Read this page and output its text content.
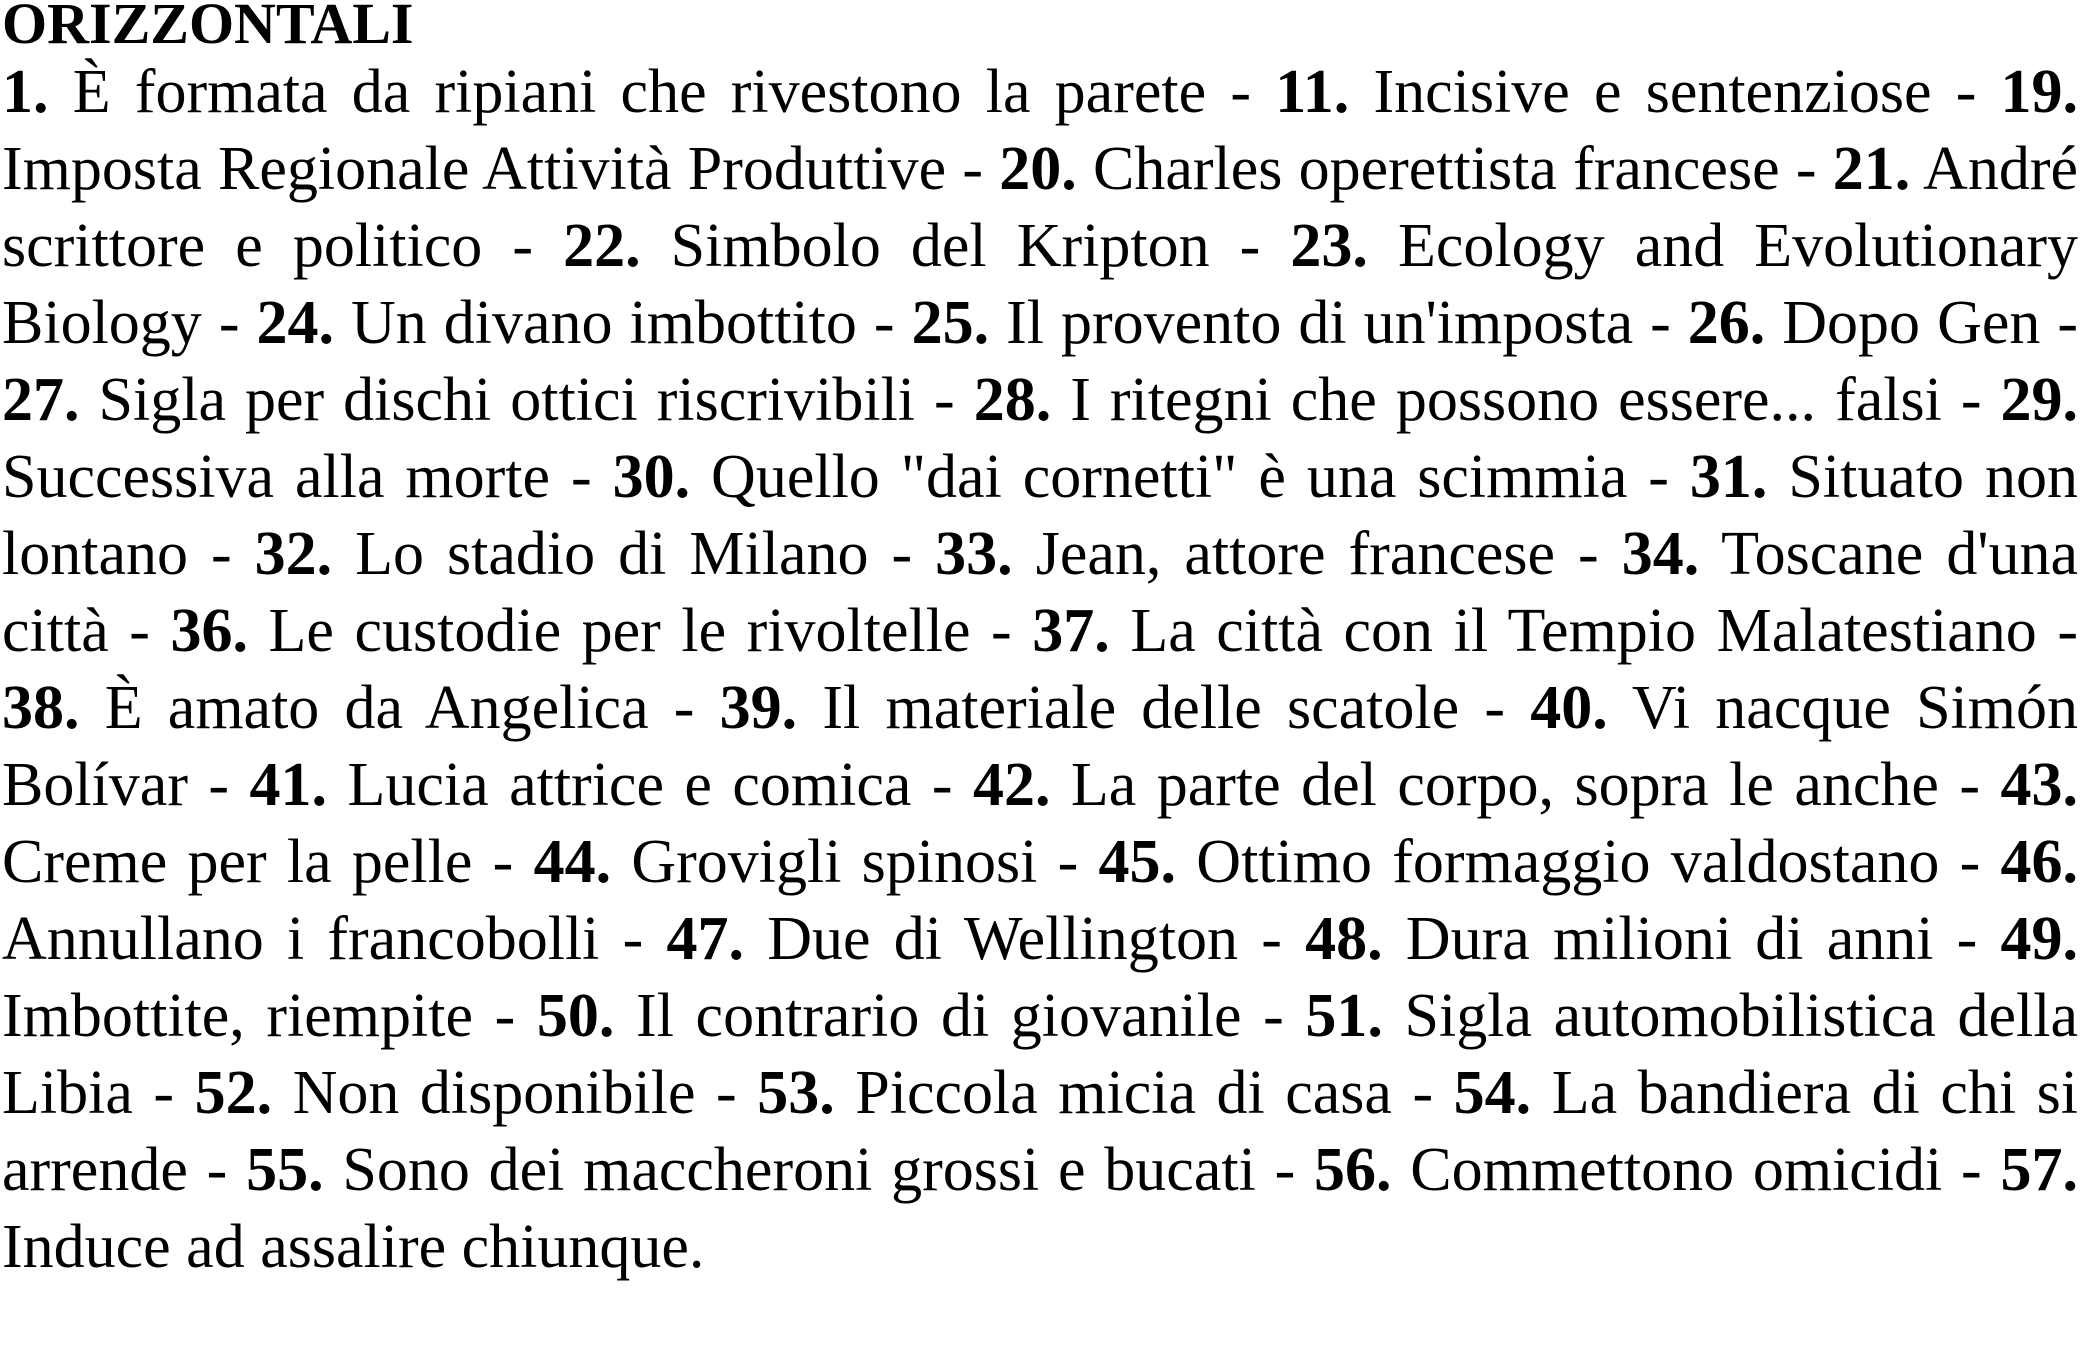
ORIZZONTALI

1. È formata da ripiani che rivestono la parete - 11. Incisive e sentenziose - 19. Imposta Regionale Attività Produttive - 20. Charles operettista francese - 21. André scrittore e politico - 22. Simbolo del Kripton - 23. Ecology and Evolutionary Biology - 24. Un divano imbottito - 25. Il provento di un'imposta - 26. Dopo Gen - 27. Sigla per dischi ottici riscrivibili - 28. I ritegni che possono essere... falsi - 29. Successiva alla morte - 30. Quello "dai cornetti" è una scimmia - 31. Situato non lontano - 32. Lo stadio di Milano - 33. Jean, attore francese - 34. Toscane d'una città - 36. Le custodie per le rivoltelle - 37. La città con il Tempio Malatestiano - 38. È amato da Angelica - 39. Il materiale delle scatole - 40. Vi nacque Simón Bolívar - 41. Lucia attrice e comica - 42. La parte del corpo, sopra le anche - 43. Creme per la pelle - 44. Grovigli spinosi - 45. Ottimo formaggio valdostano - 46. Annullano i francobolli - 47. Due di Wellington - 48. Dura milioni di anni - 49. Imbottite, riempite - 50. Il contrario di giovanile - 51. Sigla automobilistica della Libia - 52. Non disponibile - 53. Piccola micia di casa - 54. La bandiera di chi si arrende - 55. Sono dei maccheroni grossi e bucati - 56. Commettono omicidi - 57. Induce ad assalire chiunque.
